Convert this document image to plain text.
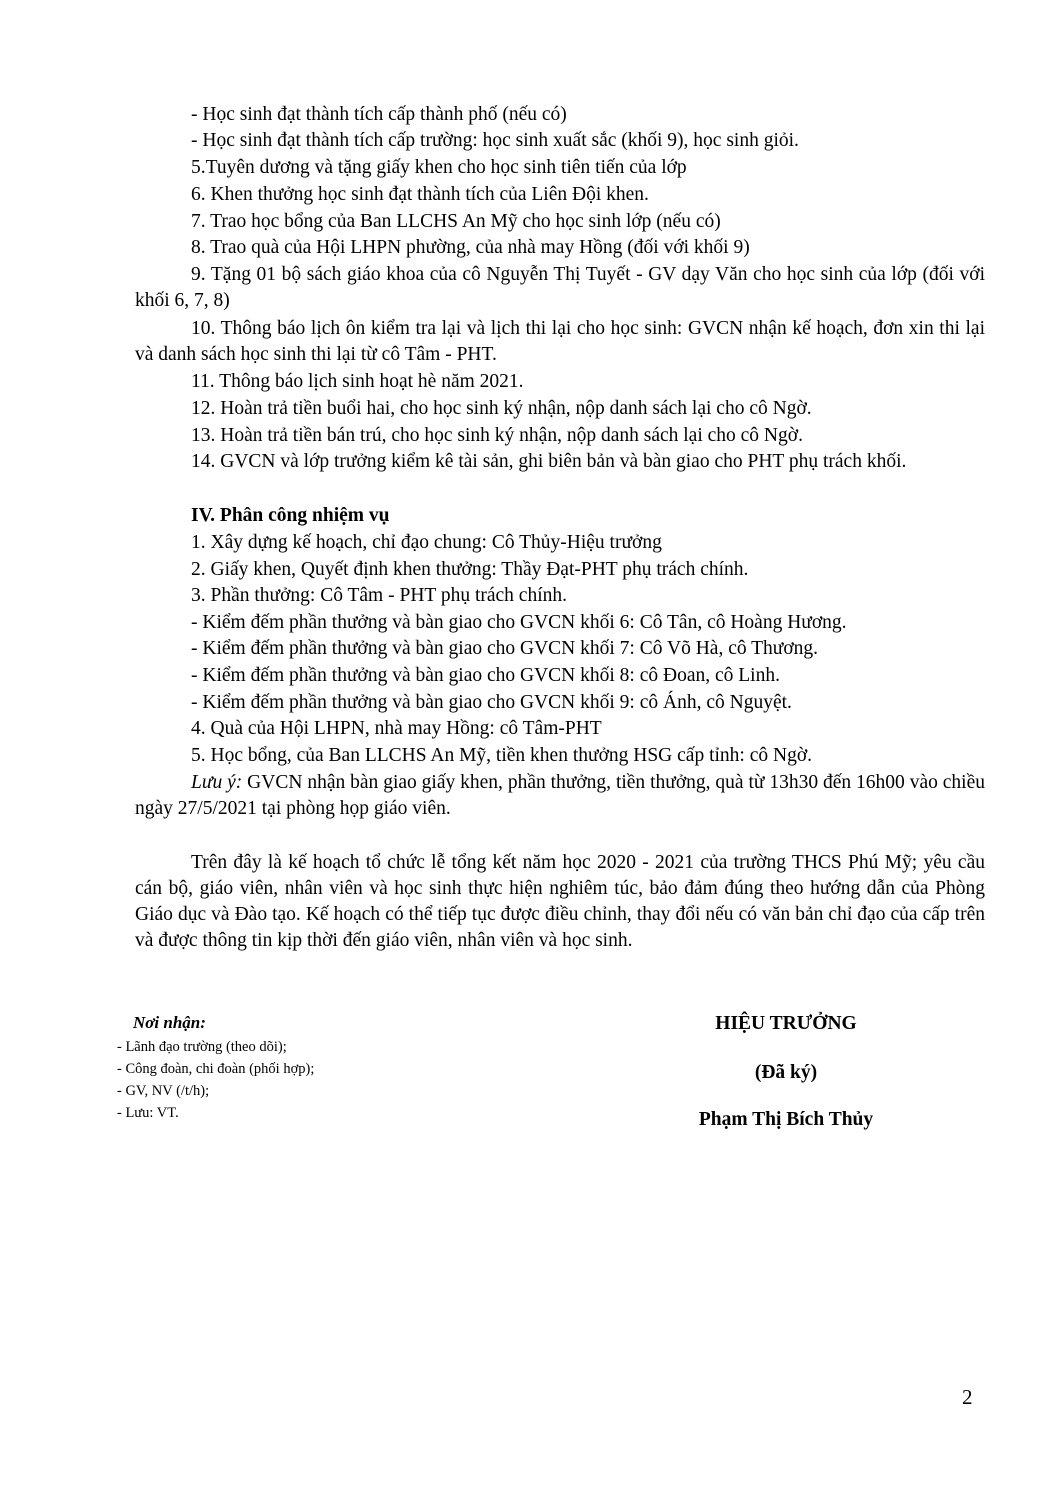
- Học sinh đạt thành tích cấp thành phố (nếu có)
- Học sinh đạt thành tích cấp trường: học sinh xuất sắc (khối 9), học sinh giỏi.
5.Tuyên dương và tặng giấy khen cho học sinh tiên tiến của lớp
6. Khen thưởng học sinh đạt thành tích của Liên Đội khen.
7. Trao học bổng của Ban LLCHS An Mỹ cho học sinh lớp (nếu có)
8. Trao quà của Hội LHPN phường, của nhà may Hồng (đối với khối 9)
9. Tặng 01 bộ sách giáo khoa của cô Nguyễn Thị Tuyết - GV dạy Văn cho học sinh của lớp (đối với khối 6, 7, 8)
10. Thông báo lịch ôn kiểm tra lại và lịch thi lại cho học sinh: GVCN nhận kế hoạch, đơn xin thi lại và danh sách học sinh thi lại từ cô Tâm - PHT.
11. Thông báo lịch sinh hoạt hè năm 2021.
12. Hoàn trả tiền buổi hai, cho học sinh ký nhận, nộp danh sách lại cho cô Ngờ.
13. Hoàn trả tiền bán trú, cho học sinh ký nhận, nộp danh sách lại cho cô Ngờ.
14. GVCN và lớp trưởng kiểm kê tài sản, ghi biên bản và bàn giao cho PHT phụ trách khối.
IV. Phân công nhiệm vụ
1. Xây dựng kế hoạch, chỉ đạo chung: Cô Thủy-Hiệu trưởng
2. Giấy khen, Quyết định khen thưởng: Thầy Đạt-PHT phụ trách chính.
3. Phần thưởng: Cô Tâm - PHT phụ trách chính.
- Kiểm đếm phần thưởng và bàn giao cho GVCN khối 6: Cô Tân, cô Hoàng Hương.
- Kiểm đếm phần thưởng và bàn giao cho GVCN khối 7: Cô Võ Hà, cô Thương.
- Kiểm đếm phần thưởng và bàn giao cho GVCN khối 8: cô Đoan, cô Linh.
- Kiểm đếm phần thưởng và bàn giao cho GVCN khối 9: cô Ánh, cô Nguyệt.
4. Quà của Hội LHPN, nhà may Hồng: cô Tâm-PHT
5. Học bổng, của Ban LLCHS An Mỹ, tiền khen thưởng HSG cấp tỉnh: cô Ngờ.
Lưu ý: GVCN nhận bàn giao giấy khen, phần thưởng, tiền thưởng, quà từ 13h30 đến 16h00 vào chiều ngày 27/5/2021 tại phòng họp giáo viên.
Trên đây là kế hoạch tổ chức lễ tổng kết năm học 2020 - 2021 của trường THCS Phú Mỹ; yêu cầu cán bộ, giáo viên, nhân viên và học sinh thực hiện nghiêm túc, bảo đảm đúng theo hướng dẫn của Phòng Giáo dục và Đào tạo. Kế hoạch có thể tiếp tục được điều chỉnh, thay đổi nếu có văn bản chỉ đạo của cấp trên và được thông tin kịp thời đến giáo viên, nhân viên và học sinh.
Nơi nhận:
- Lãnh đạo trường (theo dõi);
- Công đoàn, chi đoàn (phối hợp);
- GV, NV (/t/h);
- Lưu: VT.
HIỆU TRƯỞNG
(Đã ký)
Phạm Thị Bích Thủy
2
